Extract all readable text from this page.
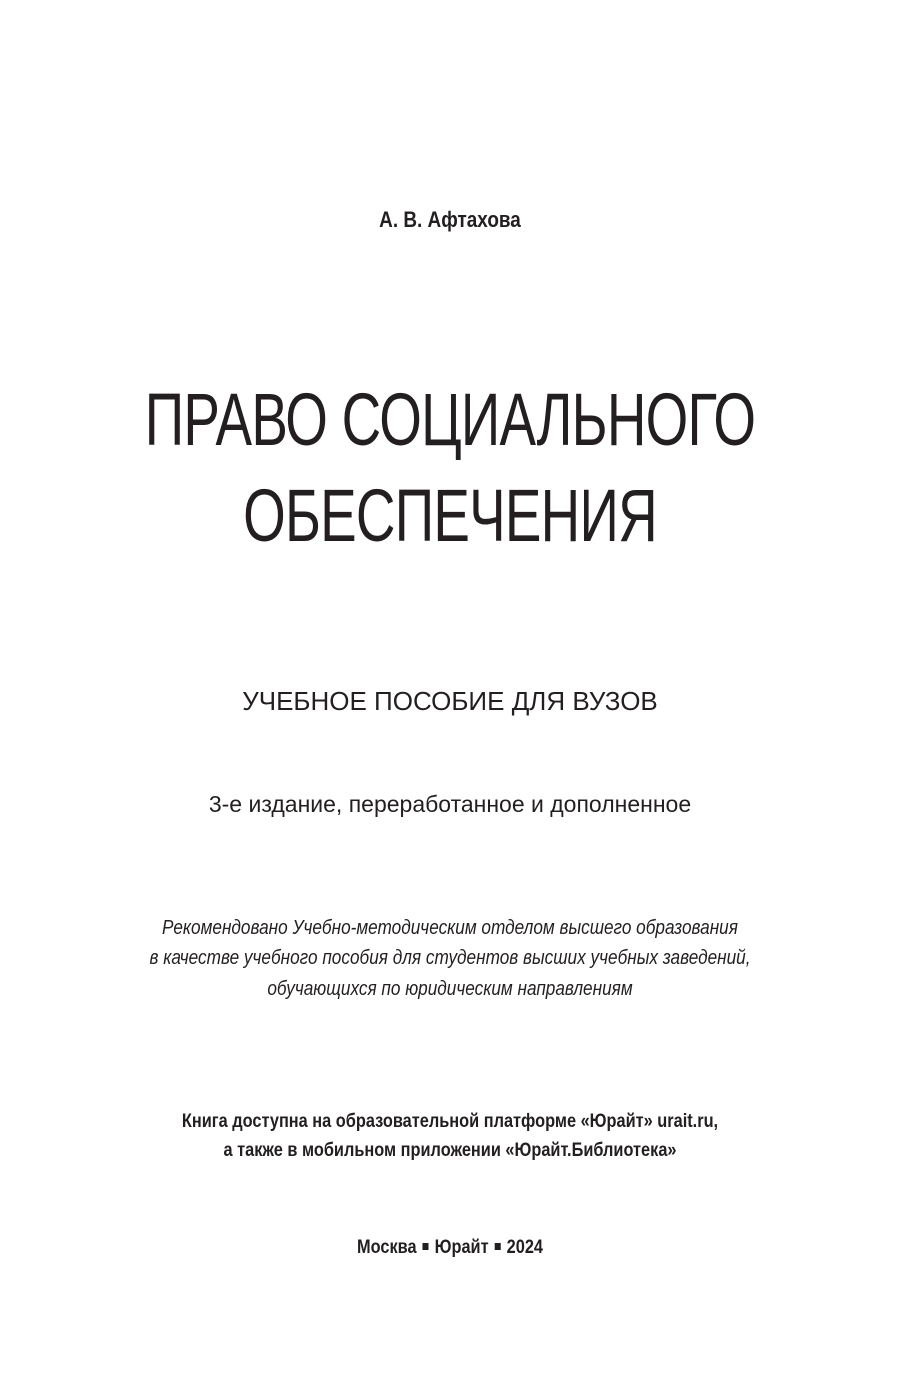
А. В. Афтахова
ПРАВО СОЦИАЛЬНОГО
ОБЕСПЕЧЕНИЯ
УЧЕБНОЕ ПОСОБИЕ ДЛЯ ВУЗОВ
3-е издание, переработанное и дополненное
Рекомендовано Учебно-методическим отделом высшего образования
в качестве учебного пособия для студентов высших учебных заведений,
обучающихся по юридическим направлениям
Книга доступна на образовательной платформе «Юрайт» urait.ru,
а также в мобильном приложении «Юрайт.Библиотека»
Москва Юрайт 2024
